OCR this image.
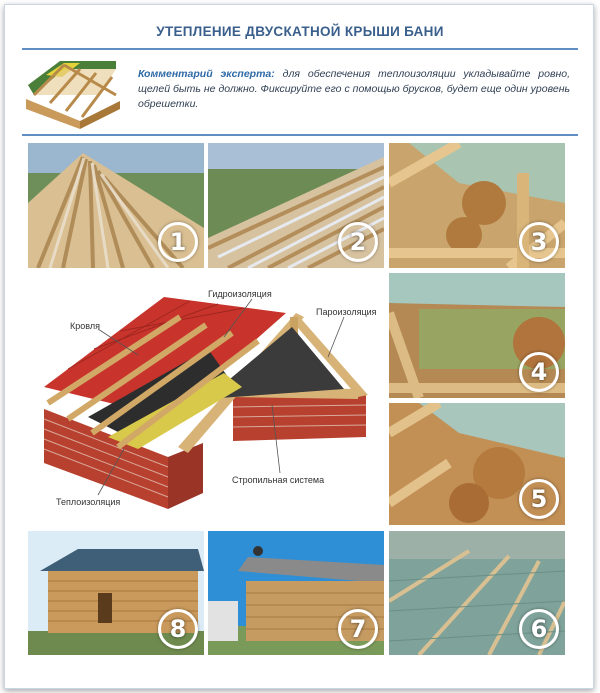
УТЕПЛЕНИЕ ДВУСКАТНОЙ КРЫШИ БАНИ
Комментарий эксперта: для обеспечения теплоизоляции укладывайте ровно, щелей быть не должно. Фиксируйте его с помощью брусков, будет еще один уровень обрешетки.
1	2	3
4
5
8	7	6
Кровля
Гидроизоляция
Пароизоляция
Теплоизоляция
Стропильная система
